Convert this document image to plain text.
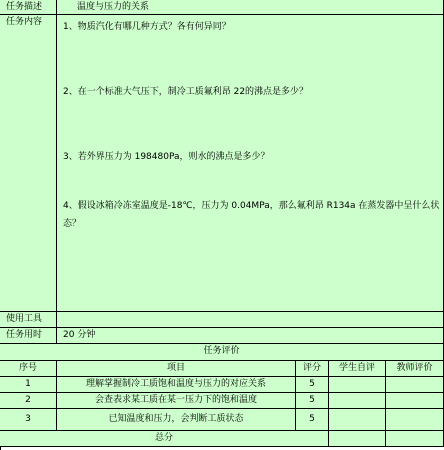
任务描述	温度与压力的关系
任务内容	1、物质汽化有哪几种方式？各有何异同？
2、在一个标准大气压下，制冷工质氟利昂 22的沸点是多少？
3、若外界压力为 198480Pa，则水的沸点是多少？
4、假设冰箱冷冻室温度是-18℃，压力为 0.04MPa，那么氟利昂 R134a 在蒸发器中呈什么状态？
使用工具
任务用时	20 分钟
任务评价
序号	项目	评分	学生自评	教师评价
1	理解掌握制冷工质饱和温度与压力的对应关系	5
2	会查表求某工质在某一压力下的饱和温度	5
3	已知温度和压力，会判断工质状态	5
总分
